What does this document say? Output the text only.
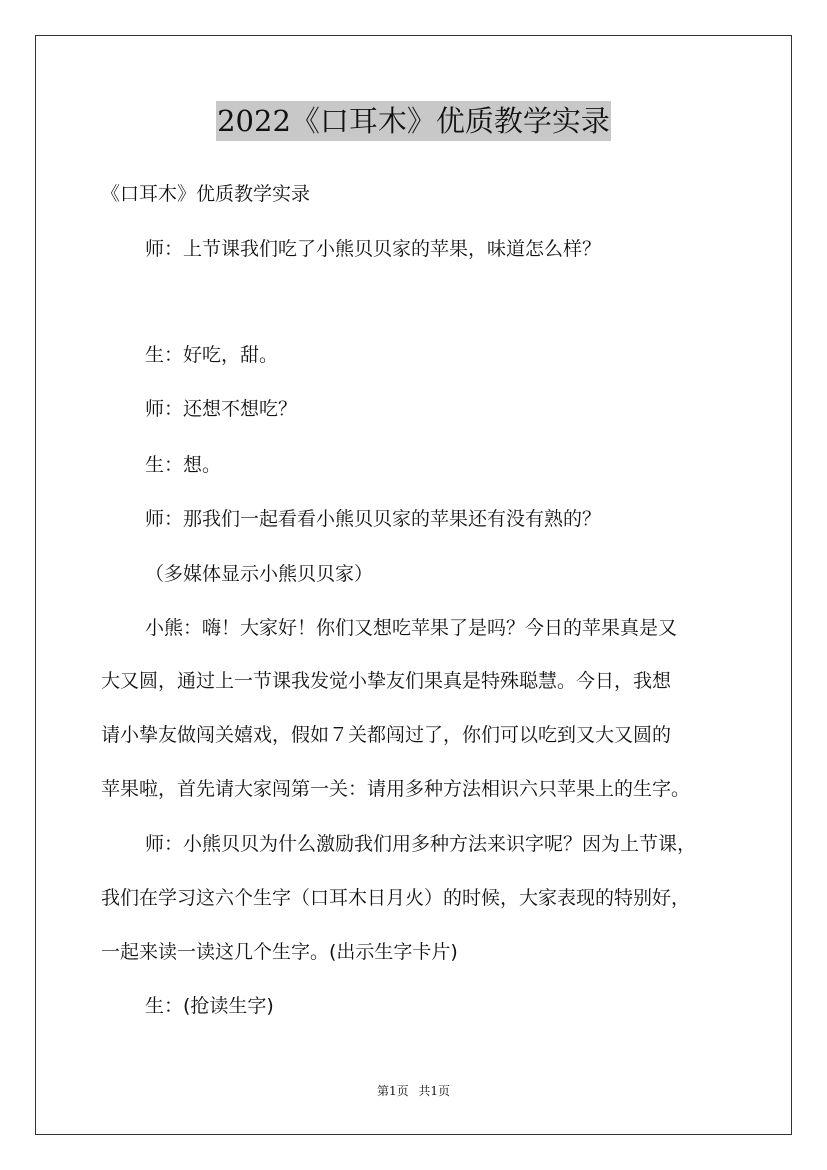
2022《口耳木》优质教学实录
《口耳木》优质教学实录
师：上节课我们吃了小熊贝贝家的苹果，味道怎么样？
生：好吃，甜。
师：还想不想吃？
生：想。
师：那我们一起看看小熊贝贝家的苹果还有没有熟的？
（多媒体显示小熊贝贝家）
小熊：嗨！大家好！你们又想吃苹果了是吗？今日的苹果真是又
大又圆，通过上一节课我发觉小挚友们果真是特殊聪慧。今日，我想
请小挚友做闯关嬉戏，假如７关都闯过了，你们可以吃到又大又圆的
苹果啦，首先请大家闯第一关：请用多种方法相识六只苹果上的生字。
师：小熊贝贝为什么激励我们用多种方法来识字呢？因为上节课，
我们在学习这六个生字（口耳木日月火）的时候，大家表现的特别好，
一起来读一读这几个生字。(出示生字卡片)
生：(抢读生字)
第1页 共1页
